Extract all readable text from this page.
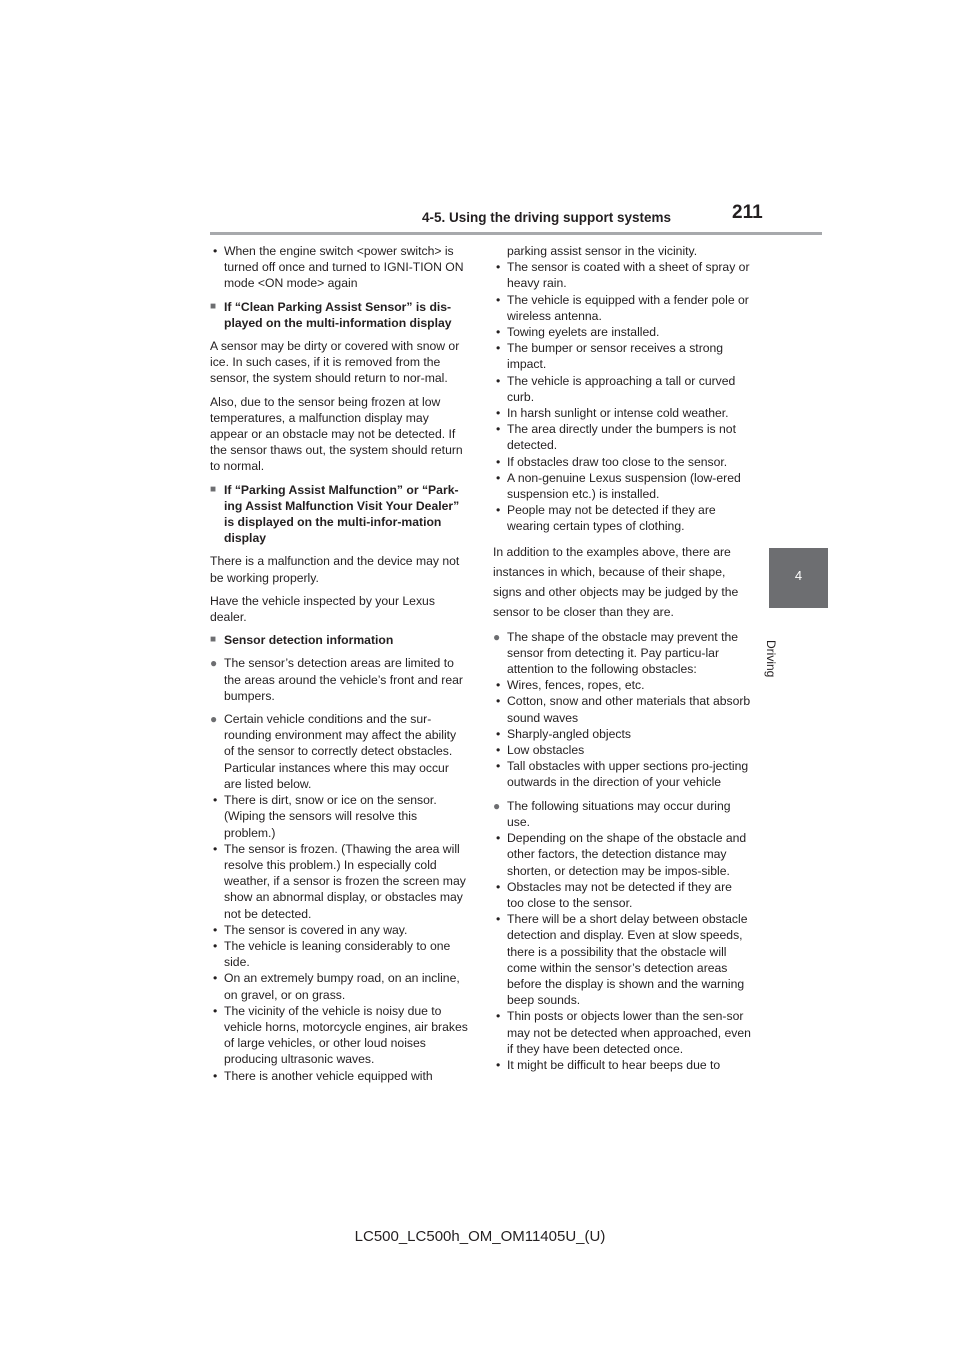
4-5. Using the driving support systems	211
4
Driving

• When the engine switch <power switch> is turned off once and turned to IGNI-TION ON mode <ON mode> again

■ If “Clean Parking Assist Sensor” is dis-played on the multi-information display

A sensor may be dirty or covered with snow or ice. In such cases, if it is removed from the sensor, the system should return to nor-mal.

Also, due to the sensor being frozen at low temperatures, a malfunction display may appear or an obstacle may not be detected. If the sensor thaws out, the system should return to normal.

■ If “Parking Assist Malfunction” or “Park-ing Assist Malfunction Visit Your Dealer” is displayed on the multi-infor-mation display

There is a malfunction and the device may not be working properly.

Have the vehicle inspected by your Lexus dealer.

■ Sensor detection information

● The sensor’s detection areas are limited to the areas around the vehicle’s front and rear bumpers.

● Certain vehicle conditions and the sur-rounding environment may affect the ability of the sensor to correctly detect obstacles. Particular instances where this may occur are listed below.

• There is dirt, snow or ice on the sensor. (Wiping the sensors will resolve this problem.)

• The sensor is frozen. (Thawing the area will resolve this problem.) In especially cold weather, if a sensor is frozen the screen may show an abnormal display, or obstacles may not be detected.

• The sensor is covered in any way.

• The vehicle is leaning considerably to one side.

• On an extremely bumpy road, on an incline, on gravel, or on grass.

• The vicinity of the vehicle is noisy due to vehicle horns, motorcycle engines, air brakes of large vehicles, or other loud noises producing ultrasonic waves.

• There is another vehicle equipped with

parking assist sensor in the vicinity.

• The sensor is coated with a sheet of spray or heavy rain.

• The vehicle is equipped with a fender pole or wireless antenna.

• Towing eyelets are installed.

• The bumper or sensor receives a strong impact.

• The vehicle is approaching a tall or curved curb.

• In harsh sunlight or intense cold weather.

• The area directly under the bumpers is not detected.

• If obstacles draw too close to the sensor.

• A non-genuine Lexus suspension (low-ered suspension etc.) is installed.

• People may not be detected if they are wearing certain types of clothing.

In addition to the examples above, there are instances in which, because of their shape, signs and other objects may be judged by the sensor to be closer than they are.

● The shape of the obstacle may prevent the sensor from detecting it. Pay particu-lar attention to the following obstacles:

• Wires, fences, ropes, etc.

• Cotton, snow and other materials that absorb sound waves

• Sharply-angled objects

• Low obstacles

• Tall obstacles with upper sections pro-jecting outwards in the direction of your vehicle

● The following situations may occur during use.

• Depending on the shape of the obstacle and other factors, the detection distance may shorten, or detection may be impos-sible.

• Obstacles may not be detected if they are too close to the sensor.

• There will be a short delay between obstacle detection and display. Even at slow speeds, there is a possibility that the obstacle will come within the sensor’s detection areas before the display is shown and the warning beep sounds.

• Thin posts or objects lower than the sen-sor may not be detected when approached, even if they have been detected once.

• It might be difficult to hear beeps due to

LC500_LC500h_OM_OM11405U_(U)
